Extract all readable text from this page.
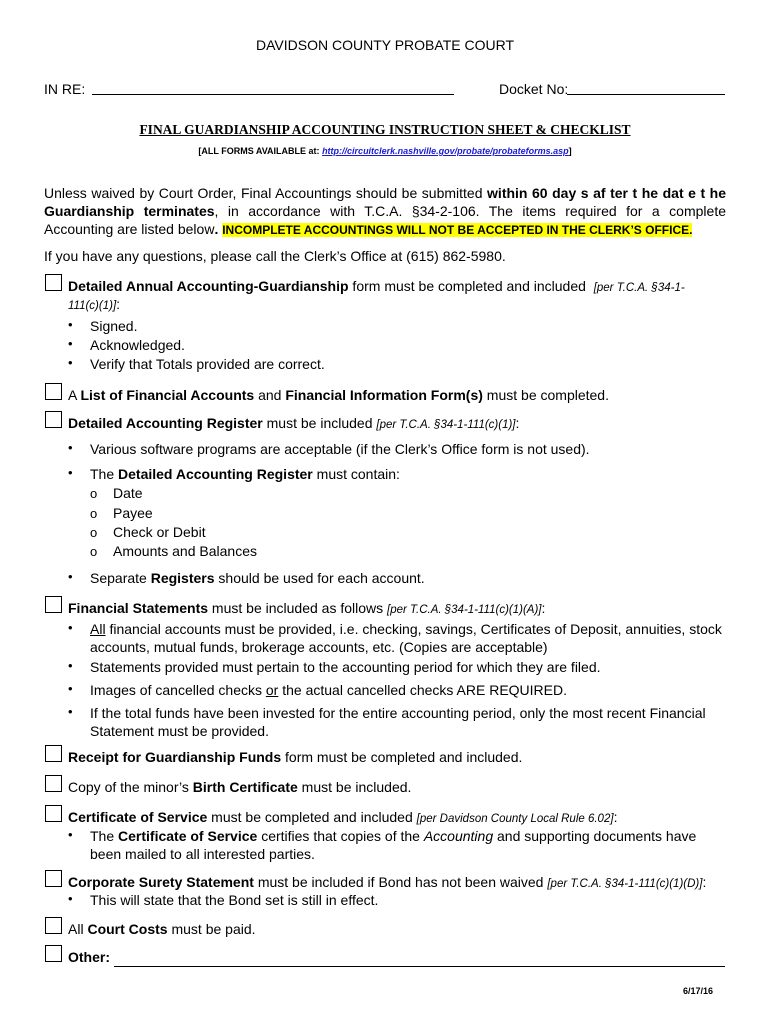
DAVIDSON COUNTY PROBATE COURT
IN RE:	Docket No:
FINAL GUARDIANSHIP ACCOUNTING INSTRUCTION SHEET & CHECKLIST
[ALL FORMS AVAILABLE at: http://circuitclerk.nashville.gov/probate/probateforms.asp]
Unless waived by Court Order, Final Accountings should be submitted within 60 day s af ter t he dat e t he Guardianship terminates, in accordance with T.C.A. §34-2-106. The items required for a complete Accounting are listed below. INCOMPLETE ACCOUNTINGS WILL NOT BE ACCEPTED IN THE CLERK’S OFFICE.
If you have any questions, please call the Clerk’s Office at (615) 862-5980.
Detailed Annual Accounting-Guardianship form must be completed and included  [per T.C.A. §34-1-
111(c)(1)]:
• Signed.
• Acknowledged.
• Verify that Totals provided are correct.
A List of Financial Accounts and Financial Information Form(s) must be completed.
Detailed Accounting Register must be included [per T.C.A. §34-1-111(c)(1)]:
• Various software programs are acceptable (if the Clerk’s Office form is not used).
• The Detailed Accounting Register must contain:
o Date
o Payee
o Check or Debit
o Amounts and Balances
• Separate Registers should be used for each account.
Financial Statements must be included as follows [per T.C.A. §34-1-111(c)(1)(A)]:
• All financial accounts must be provided, i.e. checking, savings, Certificates of Deposit, annuities, stock
accounts, mutual funds, brokerage accounts, etc. (Copies are acceptable)
• Statements provided must pertain to the accounting period for which they are filed.
• Images of cancelled checks or the actual cancelled checks ARE REQUIRED.
• If the total funds have been invested for the entire accounting period, only the most recent Financial
Statement must be provided.
Receipt for Guardianship Funds form must be completed and included.
Copy of the minor’s Birth Certificate must be included.
Certificate of Service must be completed and included [per Davidson County Local Rule 6.02]:
• The Certificate of Service certifies that copies of the Accounting and supporting documents have
been mailed to all interested parties.
Corporate Surety Statement must be included if Bond has not been waived [per T.C.A. §34-1-111(c)(1)(D)]:
• This will state that the Bond set is still in effect.
All Court Costs must be paid.
Other:
6/17/16
